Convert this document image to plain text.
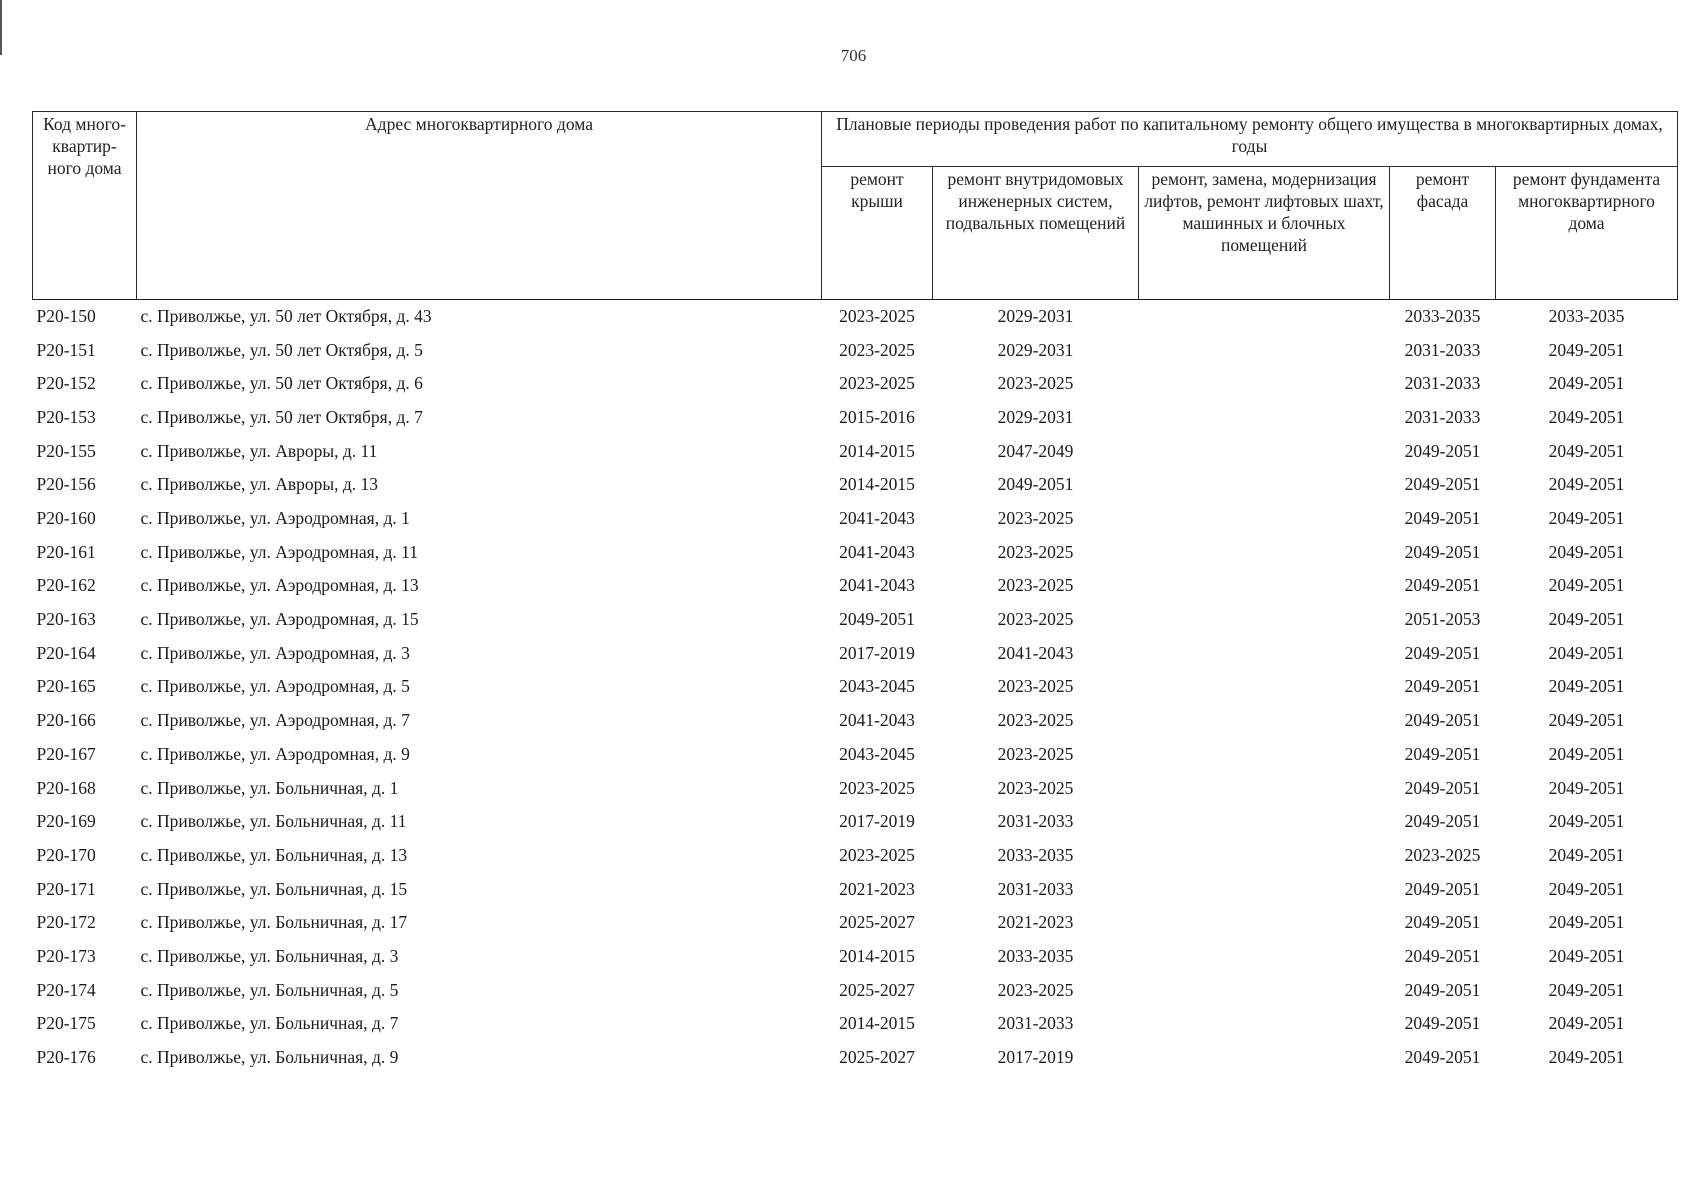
706
Код много-квартир-ного дома	Адрес многоквартирного дома	Плановые периоды проведения работ по капитальному ремонту общего имущества в многоквартирных домах, годы				
		ремонт крыши	ремонт внутридомовых инженерных систем, подвальных помещений	ремонт, замена, модернизация лифтов, ремонт лифтовых шахт, машинных и блочных помещений	ремонт фасада	ремонт фундамента многоквартирного дома
Р20-150	с. Приволжье, ул. 50 лет Октября, д. 43	2023-2025	2029-2031		2033-2035	2033-2035
Р20-151	с. Приволжье, ул. 50 лет Октября, д. 5	2023-2025	2029-2031		2031-2033	2049-2051
Р20-152	с. Приволжье, ул. 50 лет Октября, д. 6	2023-2025	2023-2025		2031-2033	2049-2051
Р20-153	с. Приволжье, ул. 50 лет Октября, д. 7	2015-2016	2029-2031		2031-2033	2049-2051
Р20-155	с. Приволжье, ул. Авроры, д. 11	2014-2015	2047-2049		2049-2051	2049-2051
Р20-156	с. Приволжье, ул. Авроры, д. 13	2014-2015	2049-2051		2049-2051	2049-2051
Р20-160	с. Приволжье, ул. Аэродромная, д. 1	2041-2043	2023-2025		2049-2051	2049-2051
Р20-161	с. Приволжье, ул. Аэродромная, д. 11	2041-2043	2023-2025		2049-2051	2049-2051
Р20-162	с. Приволжье, ул. Аэродромная, д. 13	2041-2043	2023-2025		2049-2051	2049-2051
Р20-163	с. Приволжье, ул. Аэродромная, д. 15	2049-2051	2023-2025		2051-2053	2049-2051
Р20-164	с. Приволжье, ул. Аэродромная, д. 3	2017-2019	2041-2043		2049-2051	2049-2051
Р20-165	с. Приволжье, ул. Аэродромная, д. 5	2043-2045	2023-2025		2049-2051	2049-2051
Р20-166	с. Приволжье, ул. Аэродромная, д. 7	2041-2043	2023-2025		2049-2051	2049-2051
Р20-167	с. Приволжье, ул. Аэродромная, д. 9	2043-2045	2023-2025		2049-2051	2049-2051
Р20-168	с. Приволжье, ул. Больничная, д. 1	2023-2025	2023-2025		2049-2051	2049-2051
Р20-169	с. Приволжье, ул. Больничная, д. 11	2017-2019	2031-2033		2049-2051	2049-2051
Р20-170	с. Приволжье, ул. Больничная, д. 13	2023-2025	2033-2035		2023-2025	2049-2051
Р20-171	с. Приволжье, ул. Больничная, д. 15	2021-2023	2031-2033		2049-2051	2049-2051
Р20-172	с. Приволжье, ул. Больничная, д. 17	2025-2027	2021-2023		2049-2051	2049-2051
Р20-173	с. Приволжье, ул. Больничная, д. 3	2014-2015	2033-2035		2049-2051	2049-2051
Р20-174	с. Приволжье, ул. Больничная, д. 5	2025-2027	2023-2025		2049-2051	2049-2051
Р20-175	с. Приволжье, ул. Больничная, д. 7	2014-2015	2031-2033		2049-2051	2049-2051
Р20-176	с. Приволжье, ул. Больничная, д. 9	2025-2027	2017-2019		2049-2051	2049-2051
